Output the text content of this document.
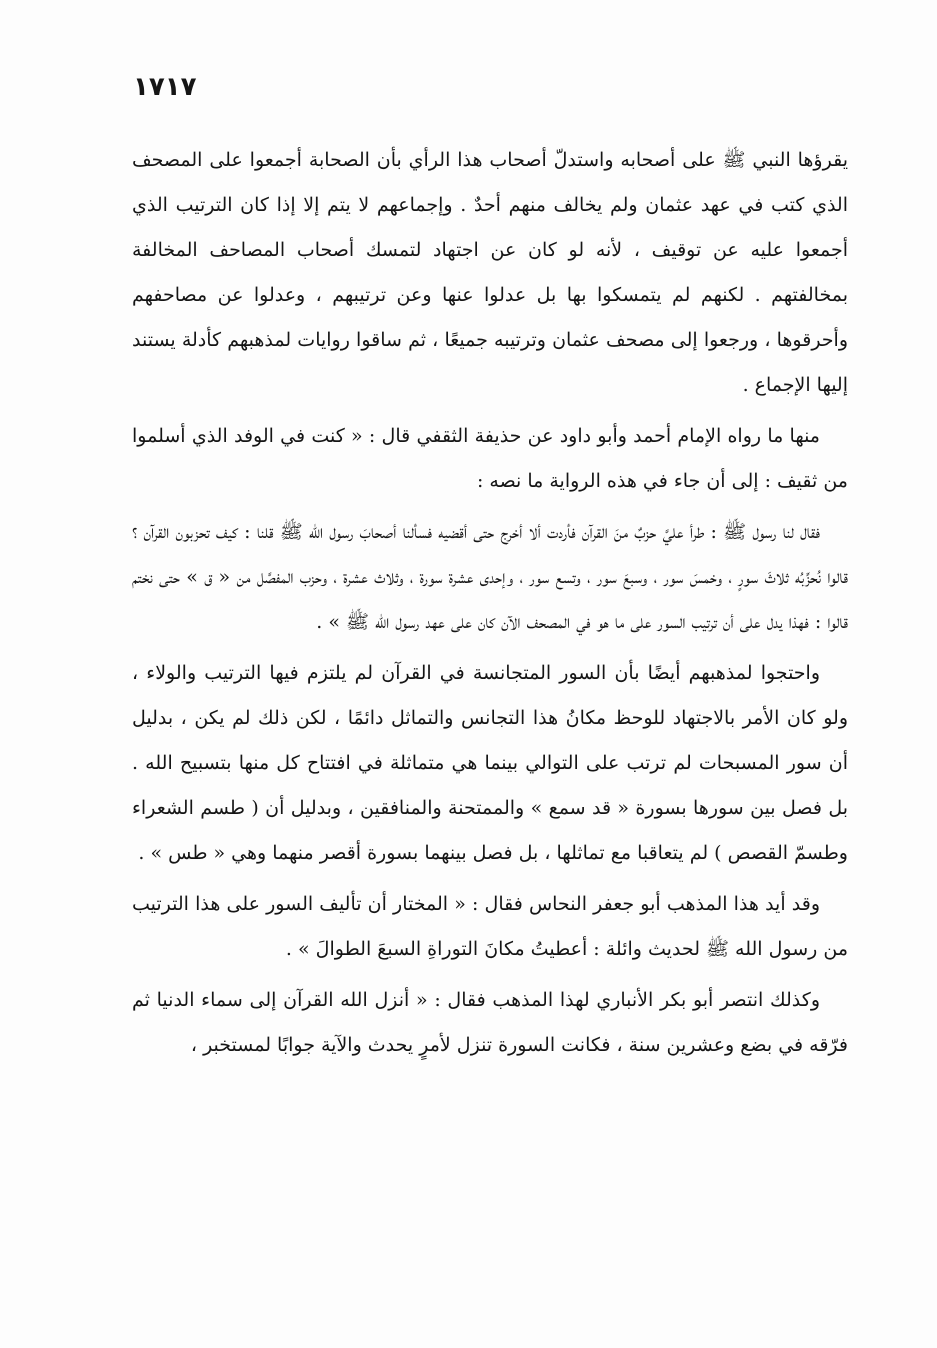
١٧١٧

يقرؤها النبي ﷺ على أصحابه واستدلّ أصحاب هذا الرأي بأن الصحابة أجمعوا على المصحف الذي كتب في عهد عثمان ولم يخالف منهم أحدٌ . وإجماعهم لا يتم إلا إذا كان الترتيب الذي أجمعوا عليه عن توقيف ، لأنه لو كان عن اجتهاد لتمسك أصحاب المصاحف المخالفة بمخالفتهم . لكنهم لم يتمسكوا بها بل عدلوا عنها وعن ترتيبهم ، وعدلوا عن مصاحفهم وأحرقوها ، ورجعوا إلى مصحف عثمان وترتيبه جميعًا ، ثم ساقوا روايات لمذهبهم كأدلة يستند إليها الإجماع .

منها ما رواه الإمام أحمد وأبو داود عن حذيفة الثقفي قال : « كنت في الوفد الذي أسلموا من ثقيف : إلى أن جاء في هذه الرواية ما نصه :

فقال لنا رسول ﷺ : طرأ عليَّ حزبٌ منَ القرآن فأردت ألا أخرج حتى أقضيه فسألنا أصحابَ رسول الله ﷺ قلنا : كيف تحزبون القرآن ؟ قالوا نُحزِّبُه ثلاثَ سورٍ ، وخمسَ سور ، وسبعَ سور ، وتسع سور ، وإحدى عشرة سورة ، وثلاث عشرة ، وحزب المفصَّل من « ق » حتى نختم قالوا : فهذا يدل على أن ترتيب السور على ما هو في المصحف الآن كان على عهد رسول الله ﷺ » .

واحتجوا لمذهبهم أيضًا بأن السور المتجانسة في القرآن لم يلتزم فيها الترتيب والولاء ، ولو كان الأمر بالاجتهاد للوحظ مكانُ هذا التجانس والتماثل دائمًا ، لكن ذلك لم يكن ، بدليل أن سور المسبحات لم ترتب على التوالي بينما هي متماثلة في افتتاح كل منها بتسبيح الله . بل فصل بين سورها بسورة « قد سمع » والممتحنة والمنافقين ، وبدليل أن ( طسم الشعراء وطسمّ القصص ) لم يتعاقبا مع تماثلها ، بل فصل بينهما بسورة أقصر منهما وهي « طس » .

وقد أيد هذا المذهب أبو جعفر النحاس فقال : « المختار أن تأليف السور على هذا الترتيب من رسول الله ﷺ لحديث وائلة : أعطيتُ مكانَ التوراةِ السبعَ الطوالَ » .

وكذلك انتصر أبو بكر الأنباري لهذا المذهب فقال : « أنزل الله القرآن إلى سماء الدنيا ثم فرّقه في بضع وعشرين سنة ، فكانت السورة تنزل لأمرٍ يحدث والآية جوابًا لمستخبر ،
